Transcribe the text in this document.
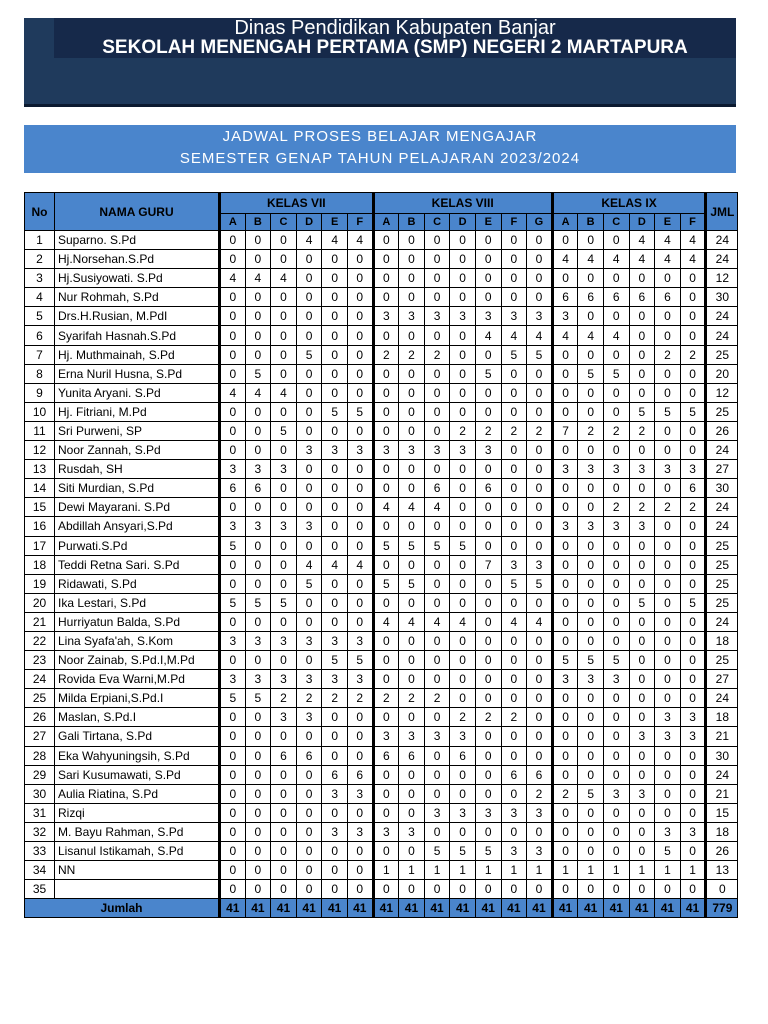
Dinas Pendidikan Kabupaten Banjar
SEKOLAH MENENGAH PERTAMA (SMP) NEGERI 2 MARTAPURA
JADWAL PROSES BELAJAR MENGAJAR
SEMESTER GENAP TAHUN PELAJARAN 2023/2024
No	NAMA GURU	KELAS VII						KELAS VIII							KELAS IX						JML
		A	B	C	D	E	F	A	B	C	D	E	F	G	A	B	C	D	E	F	
1	Suparno. S.Pd	0	0	0	4	4	4	0	0	0	0	0	0	0	0	0	0	4	4	4	24
2	Hj.Norsehan.S.Pd	0	0	0	0	0	0	0	0	0	0	0	0	0	4	4	4	4	4	4	24
3	Hj.Susiyowati. S.Pd	4	4	4	0	0	0	0	0	0	0	0	0	0	0	0	0	0	0	0	12
4	Nur Rohmah, S.Pd	0	0	0	0	0	0	0	0	0	0	0	0	0	6	6	6	6	6	0	30
5	Drs.H.Rusian, M.PdI	0	0	0	0	0	0	3	3	3	3	3	3	3	3	0	0	0	0	0	24
6	Syarifah Hasnah.S.Pd	0	0	0	0	0	0	0	0	0	0	4	4	4	4	4	4	0	0	0	24
7	Hj. Muthmainah, S.Pd	0	0	0	5	0	0	2	2	2	0	0	5	5	0	0	0	0	2	2	25
8	Erna Nuril Husna, S.Pd	0	5	0	0	0	0	0	0	0	0	5	0	0	0	5	5	0	0	0	20
9	Yunita Aryani. S.Pd	4	4	4	0	0	0	0	0	0	0	0	0	0	0	0	0	0	0	0	12
10	Hj. Fitriani, M.Pd	0	0	0	0	5	5	0	0	0	0	0	0	0	0	0	0	5	5	5	25
11	Sri Purweni, SP	0	0	5	0	0	0	0	0	0	2	2	2	2	7	2	2	2	0	0	26
12	Noor Zannah, S.Pd	0	0	0	3	3	3	3	3	3	3	3	0	0	0	0	0	0	0	0	24
13	Rusdah, SH	3	3	3	0	0	0	0	0	0	0	0	0	0	3	3	3	3	3	3	27
14	Siti Murdian, S.Pd	6	6	0	0	0	0	0	0	6	0	6	0	0	0	0	0	0	0	6	30
15	Dewi Mayarani. S.Pd	0	0	0	0	0	0	4	4	4	0	0	0	0	0	0	2	2	2	2	24
16	Abdillah Ansyari,S.Pd	3	3	3	3	0	0	0	0	0	0	0	0	0	3	3	3	3	0	0	24
17	Purwati.S.Pd	5	0	0	0	0	0	5	5	5	5	0	0	0	0	0	0	0	0	0	25
18	Teddi Retna Sari. S.Pd	0	0	0	4	4	4	0	0	0	0	7	3	3	0	0	0	0	0	0	25
19	Ridawati, S.Pd	0	0	0	5	0	0	5	5	0	0	0	5	5	0	0	0	0	0	0	25
20	Ika Lestari, S.Pd	5	5	5	0	0	0	0	0	0	0	0	0	0	0	0	0	5	0	5	25
21	Hurriyatun Balda, S.Pd	0	0	0	0	0	0	4	4	4	4	0	4	4	0	0	0	0	0	0	24
22	Lina Syafa'ah, S.Kom	3	3	3	3	3	3	0	0	0	0	0	0	0	0	0	0	0	0	0	18
23	Noor Zainab, S.Pd.I,M.Pd	0	0	0	0	5	5	0	0	0	0	0	0	0	5	5	5	0	0	0	25
24	Rovida Eva Warni,M.Pd	3	3	3	3	3	3	0	0	0	0	0	0	0	3	3	3	0	0	0	27
25	Milda Erpiani,S.Pd.I	5	5	2	2	2	2	2	2	2	0	0	0	0	0	0	0	0	0	0	24
26	Maslan, S.Pd.I	0	0	3	3	0	0	0	0	0	2	2	2	0	0	0	0	0	3	3	18
27	Gali Tirtana, S.Pd	0	0	0	0	0	0	3	3	3	3	0	0	0	0	0	0	3	3	3	21
28	Eka Wahyuningsih, S.Pd	0	0	6	6	0	0	6	6	0	6	0	0	0	0	0	0	0	0	0	30
29	Sari Kusumawati, S.Pd	0	0	0	0	6	6	0	0	0	0	0	6	6	0	0	0	0	0	0	24
30	Aulia Riatina, S.Pd	0	0	0	0	3	3	0	0	0	0	0	0	2	2	5	3	3	0	0	21
31	Rizqi	0	0	0	0	0	0	0	0	3	3	3	3	3	0	0	0	0	0	0	15
32	M. Bayu Rahman, S.Pd	0	0	0	0	3	3	3	3	0	0	0	0	0	0	0	0	0	3	3	18
33	Lisanul Istikamah, S.Pd	0	0	0	0	0	0	0	0	5	5	5	3	3	0	0	0	0	5	0	26
34	NN	0	0	0	0	0	0	1	1	1	1	1	1	1	1	1	1	1	1	1	13
35		0	0	0	0	0	0	0	0	0	0	0	0	0	0	0	0	0	0	0	0
Jumlah		41	41	41	41	41	41	41	41	41	41	41	41	41	41	41	41	41	41	41	779
